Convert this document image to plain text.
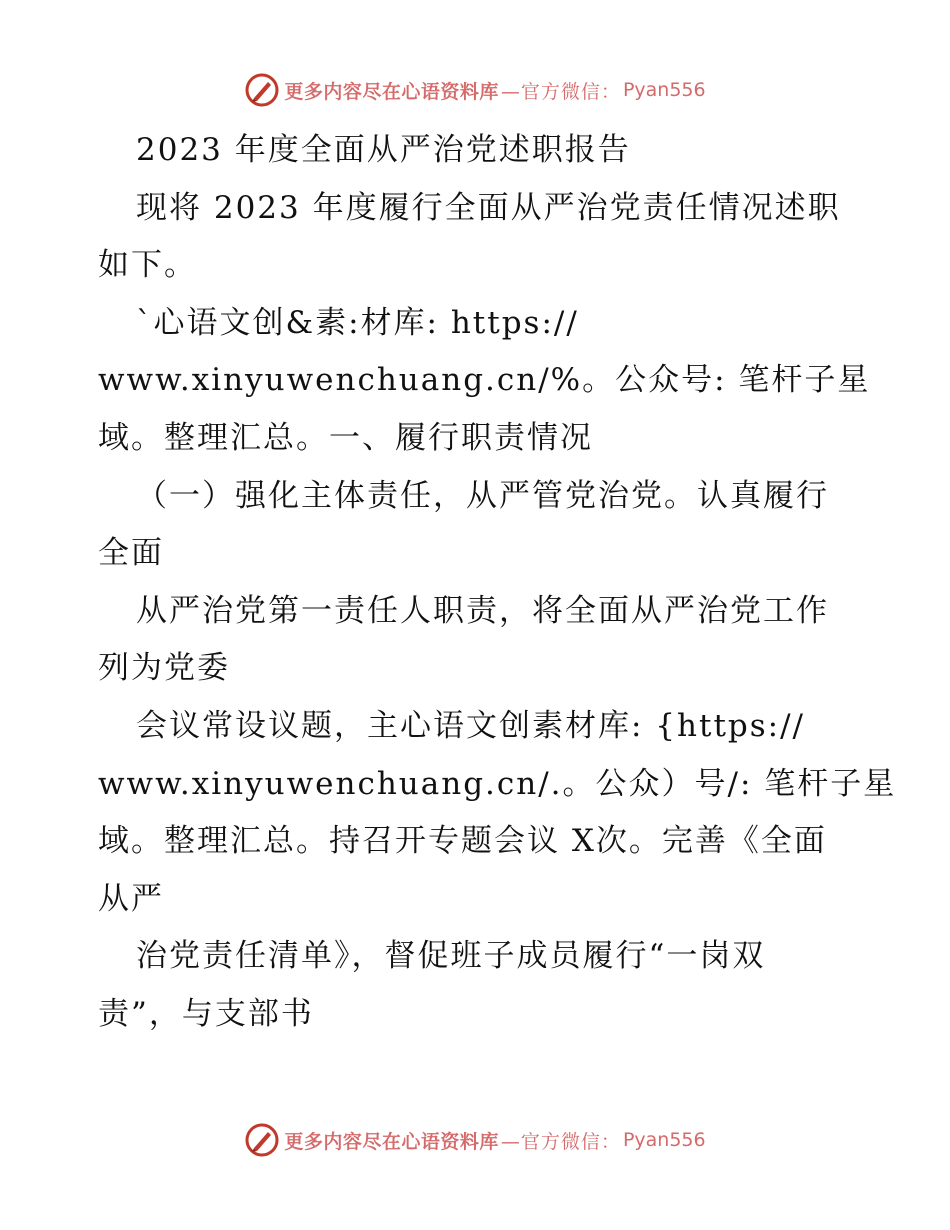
更多内容尽在心语资料库 —官方微信： Pyan556
2023 年度全面从严治党述职报告
现将 2023 年度履行全面从严治党责任情况述职
如下。
`心语文创&素:材库: https://
www.xinyuwenchuang.cn/%。公众号: 笔杆子星
域。整理汇总。一、履行职责情况
（一）强化主体责任，从严管党治党。认真履行
全面
从严治党第一责任人职责，将全面从严治党工作
列为党委
会议常设议题，主心语文创素材库: {https://
www.xinyuwenchuang.cn/.。公众）号/: 笔杆子星
域。整理汇总。持召开专题会议 X次。完善《全面
从严
治党责任清单》，督促班子成员履行“一岗双
责”，与支部书
更多内容尽在心语资料库 —官方微信： Pyan556
